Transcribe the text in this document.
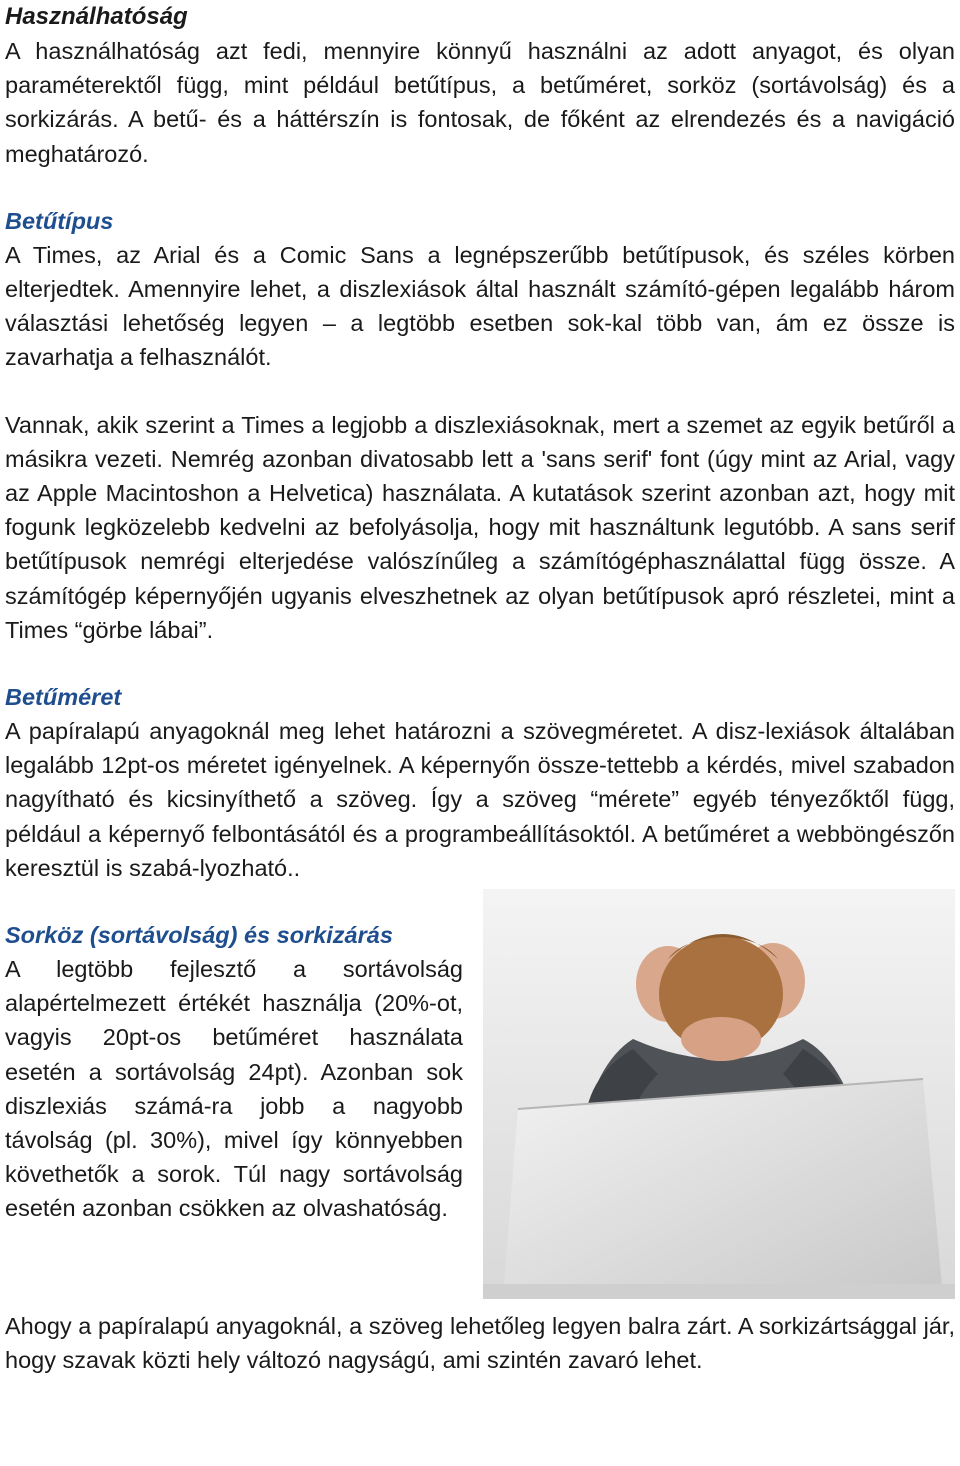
Használhatóság

A használhatóság azt fedi, mennyire könnyű használni az adott anyagot, és olyan paraméterektől függ, mint például betűtípus, a betűméret, sorköz (sortávolság) és a sorkizárás. A betű- és a háttérszín is fontosak, de főként az elrendezés és a navigáció meghatározó.

Betűtípus

A Times, az Arial és a Comic Sans a legnépszerűbb betűtípusok, és széles körben elterjedtek. Amennyire lehet, a diszlexiások által használt számító-gépen legalább három választási lehetőség legyen – a legtöbb esetben sok-kal több van, ám ez össze is zavarhatja a felhasználót.

Vannak, akik szerint a Times a legjobb a diszlexiásoknak, mert a szemet az egyik betűről a másikra vezeti. Nemrég azonban divatosabb lett a 'sans serif' font (úgy mint az Arial, vagy az Apple Macintoshon a Helvetica) használata. A kutatások szerint azonban azt, hogy mit fogunk legközelebb kedvelni az befolyásolja, hogy mit használtunk legutóbb. A sans serif betűtípusok nemrégi elterjedése valószínűleg a számítógéphasználattal függ össze. A számítógép képernyőjén ugyanis elveszhetnek az olyan betűtípusok apró részletei, mint a Times “görbe lábai”.

Betűméret

A papíralapú anyagoknál meg lehet határozni a szövegméretet. A disz-lexiások általában legalább 12pt-os méretet igényelnek. A képernyőn össze-tettebb a kérdés, mivel szabadon nagyítható és kicsinyíthető a szöveg. Így a szöveg “mérete” egyéb tényezőktől függ, például a képernyő felbontásától és a programbeállításoktól. A betűméret a webböngészőn keresztül is szabá-lyozható..

Sorköz (sortávolság) és sorkizárás

A legtöbb fejlesztő a sortávolság alapértelmezett értékét használja (20%-ot, vagyis 20pt-os betűméret használata esetén a sortávolság 24pt). Azonban sok diszlexiás számá-ra jobb a nagyobb távolság (pl. 30%), mivel így könnyebben követhetők a sorok. Túl nagy sortávolság esetén azonban csökken az olvashatóság.

Ahogy a papíralapú anyagoknál, a szöveg lehetőleg legyen balra zárt. A sorkizártsággal jár, hogy szavak közti hely változó nagyságú, ami szintén zavaró lehet.
